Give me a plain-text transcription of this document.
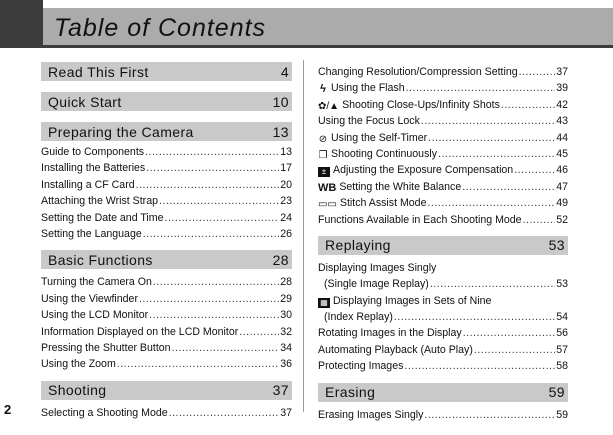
Table of Contents
Read This First	4
Quick Start	10
Preparing the Camera	13
Guide to Components .....	13
Installing the Batteries .....	17
Installing a CF Card .....	20
Attaching the Wrist Strap .....	23
Setting the Date and Time .....	24
Setting the Language .....	26
Basic Functions	28
Turning the Camera On .....	28
Using the Viewfinder .....	29
Using the LCD Monitor .....	30
Information Displayed on the LCD Monitor .....	32
Pressing the Shutter Button .....	34
Using the Zoom .....	36
Shooting	37
Selecting a Shooting Mode .....	37
Changing Resolution/Compression Setting .....	37
ϟ Using the Flash .....	39
✿/▲ Shooting Close-Ups/Infinity Shots .....	42
Using the Focus Lock .....	43
⊘ Using the Self-Timer .....	44
❐ Shooting Continuously .....	45
± Adjusting the Exposure Compensation .....	46
WB Setting the White Balance .....	47
▭▭ Stitch Assist Mode .....	49
Functions Available in Each Shooting Mode .....	52
Replaying	53
Displaying Images Singly
(Single Image Replay) .....	53
▦ Displaying Images in Sets of Nine
(Index Replay) .....	54
Rotating Images in the Display .....	56
Automating Playback (Auto Play) .....	57
Protecting Images .....	58
Erasing	59
Erasing Images Singly .....	59
2
